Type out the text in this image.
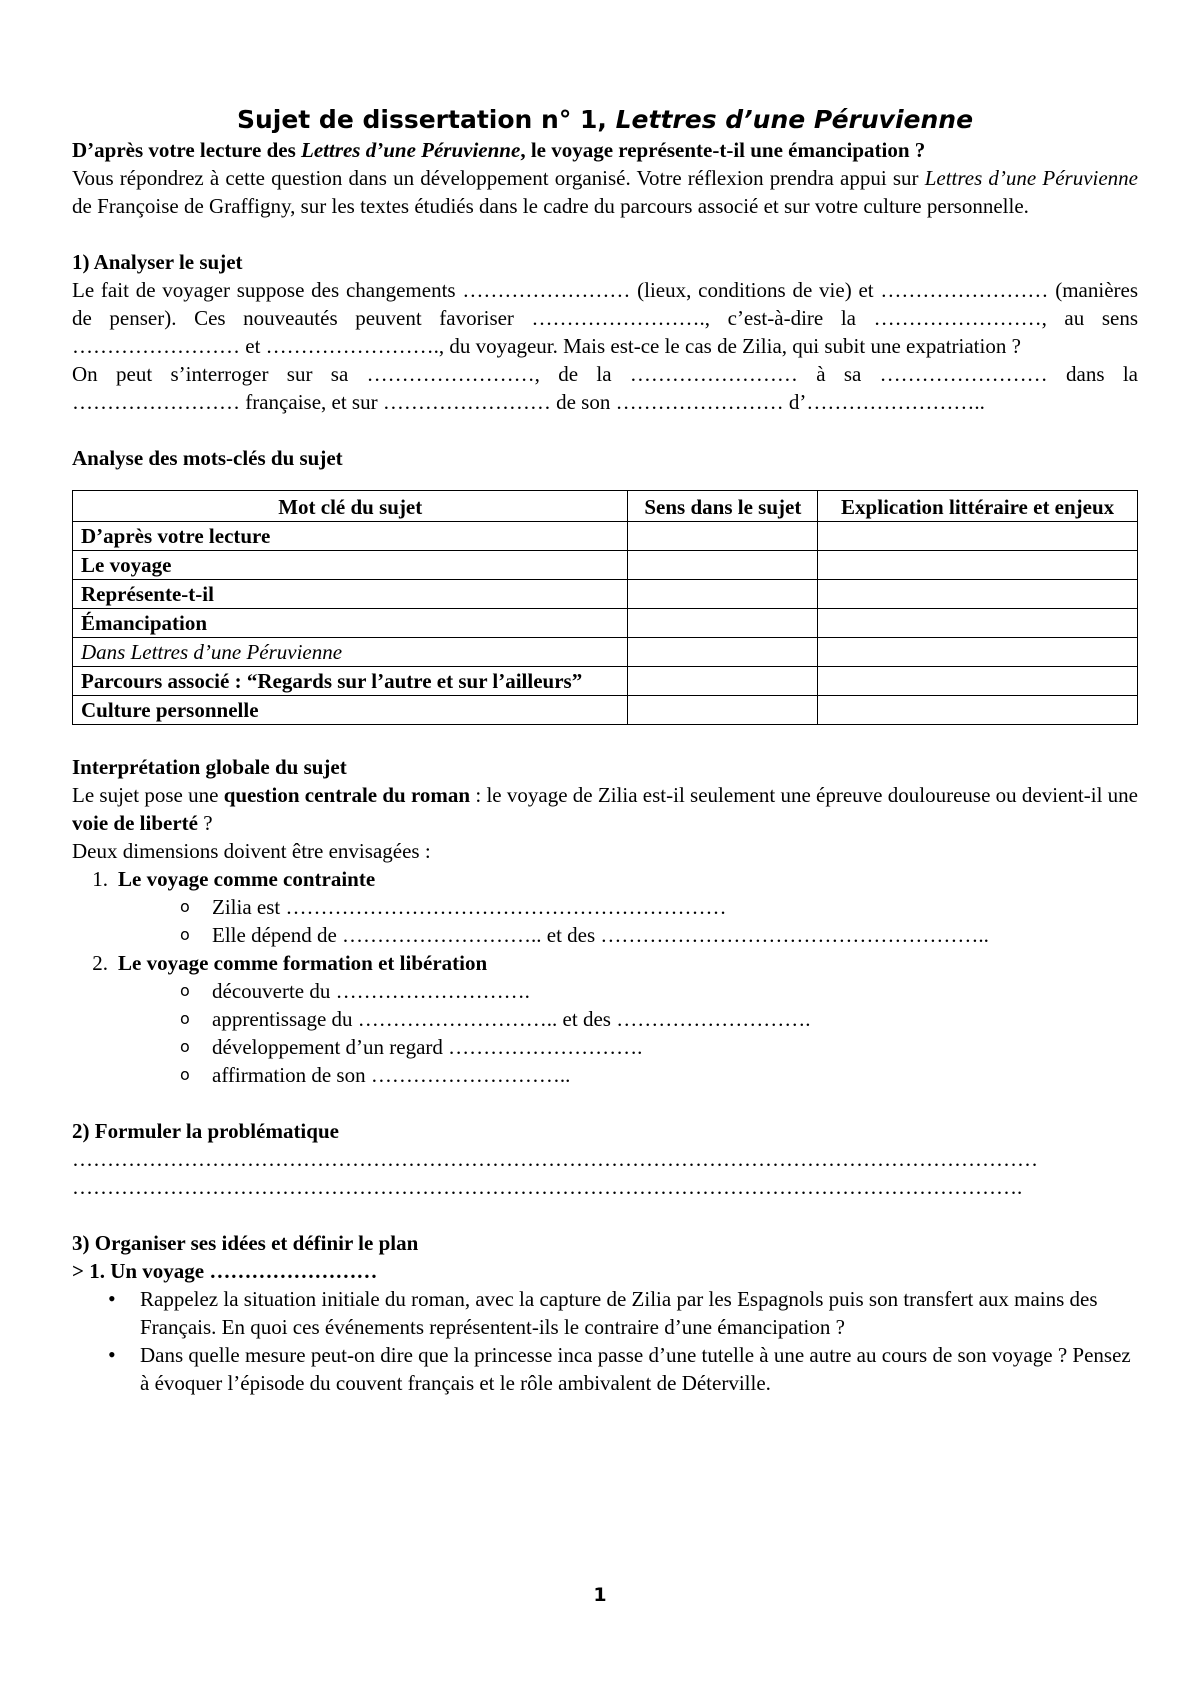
Sujet de dissertation n° 1, Lettres d’une Péruvienne

D’après votre lecture des Lettres d’une Péruvienne, le voyage représente-t-il une émancipation ?

Vous répondrez à cette question dans un développement organisé. Votre réflexion prendra appui sur Lettres d’une Péruvienne de Françoise de Graffigny, sur les textes étudiés dans le cadre du parcours associé et sur votre culture personnelle.

1) Analyser le sujet

Le fait de voyager suppose des changements …………………… (lieux, conditions de vie) et …………………… (manières de penser). Ces nouveautés peuvent favoriser ……………………., c’est-à-dire la ……………………, au sens …………………… et ……………………., du voyageur. Mais est-ce le cas de Zilia, qui subit une expatriation ?

On peut s’interroger sur sa ……………………, de la …………………… à sa …………………… dans la …………………… française, et sur …………………… de son …………………… d’……………………..

Analyse des mots-clés du sujet

Mot clé du sujet	Sens dans le sujet	Explication littéraire et enjeux
D’après votre lecture		
Le voyage		
Représente-t-il		
Émancipation		
Dans Lettres d’une Péruvienne		
Parcours associé : “Regards sur l’autre et sur l’ailleurs”		
Culture personnelle		

Interprétation globale du sujet

Le sujet pose une question centrale du roman : le voyage de Zilia est-il seulement une épreuve douloureuse ou devient-il une voie de liberté ?

Deux dimensions doivent être envisagées :

1. Le voyage comme contrainte
o	Zilia est ………………………………………………………
o	Elle dépend de ……………………….. et des ………………………………………………..
2. Le voyage comme formation et libération
o	découverte du ……………………….
o	apprentissage du ……………………….. et des ……………………….
o	développement d’un regard ……………………….
o	affirmation de son ………………………..

2) Formuler la problématique

…………………………………………………………………………………………………………………………

……………………………………………………………………………………………………………………….

3) Organiser ses idées et définir le plan

> 1. Un voyage ……………………

•	Rappelez la situation initiale du roman, avec la capture de Zilia par les Espagnols puis son transfert aux mains des Français. En quoi ces événements représentent-ils le contraire d’une émancipation ?
•	Dans quelle mesure peut-on dire que la princesse inca passe d’une tutelle à une autre au cours de son voyage ? Pensez à évoquer l’épisode du couvent français et le rôle ambivalent de Déterville.
1
